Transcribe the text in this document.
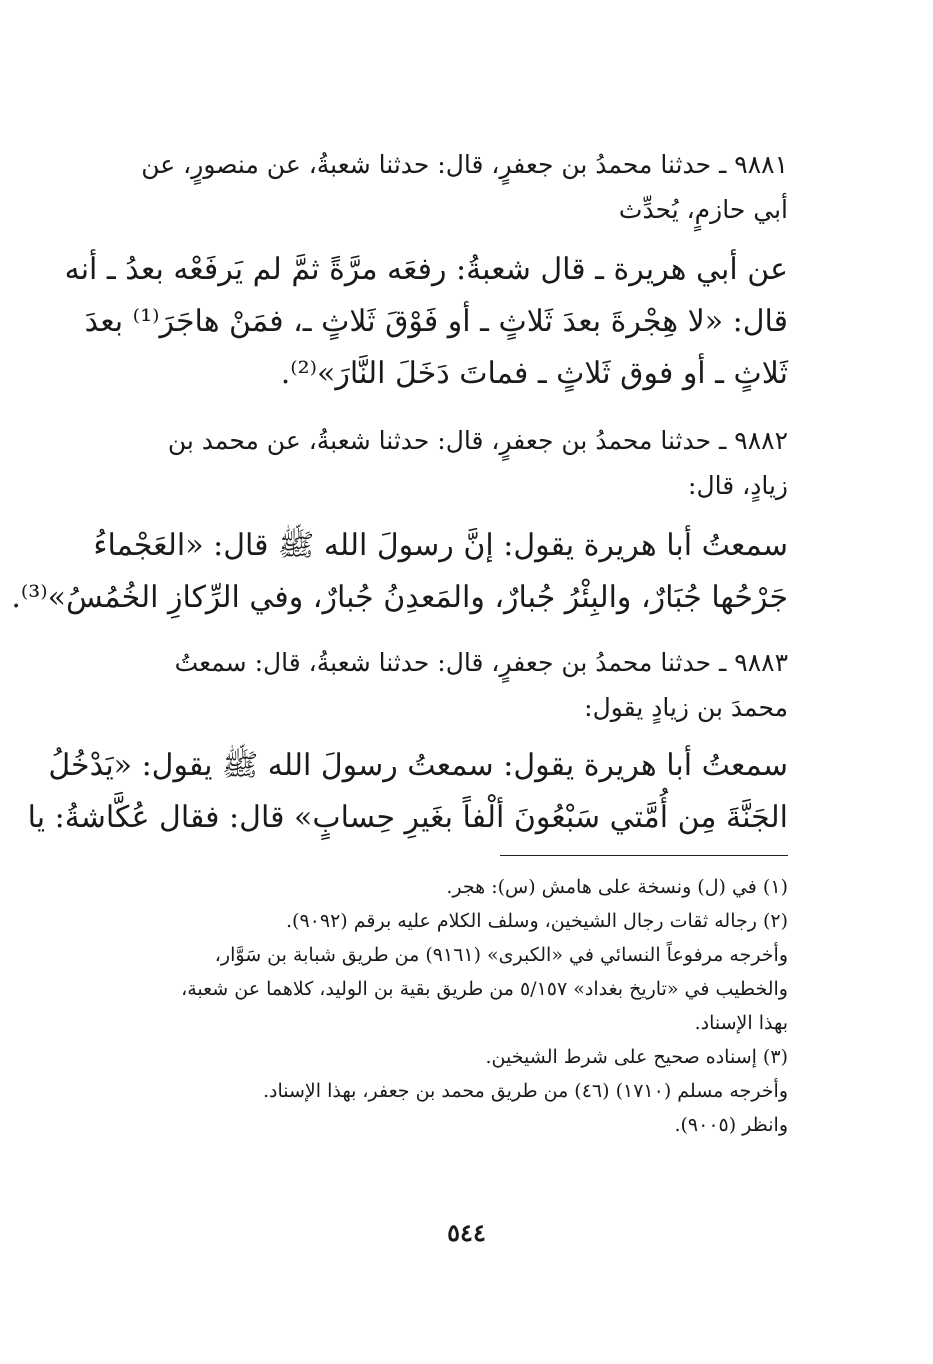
٩٨٨١ ـ حدثنا محمدُ بن جعفرٍ، قال: حدثنا شعبةُ، عن منصورٍ، عن
أبي حازمٍ، يُحدِّث
عن أبي هريرة ـ قال شعبةُ: رفعَه مرَّةً ثمَّ لم يَرفَعْه بعدُ ـ أنه
قال: «لا هِجْرةَ بعدَ ثَلاثٍ ـ أو فَوْقَ ثَلاثٍ ـ، فمَنْ هاجَرَ⁽¹⁾ بعدَ
ثَلاثٍ ـ أو فوق ثَلاثٍ ـ فماتَ دَخَلَ النَّارَ»⁽²⁾.
٩٨٨٢ ـ حدثنا محمدُ بن جعفرٍ، قال: حدثنا شعبةُ، عن محمد بن
زيادٍ، قال:
سمعتُ أبا هريرة يقول: إنَّ رسولَ الله ﷺ قال: «العَجْماءُ
جَرْحُها جُبَارٌ، والبِئْرُ جُبارٌ، والمَعدِنُ جُبارٌ، وفي الرِّكازِ الخُمُسُ»⁽³⁾.
٩٨٨٣ ـ حدثنا محمدُ بن جعفرٍ، قال: حدثنا شعبةُ، قال: سمعتُ
محمدَ بن زيادٍ يقول:
سمعتُ أبا هريرة يقول: سمعتُ رسولَ الله ﷺ يقول: «يَدْخُلُ
الجَنَّةَ مِن أُمَّتي سَبْعُونَ ألْفاً بغَيرِ حِسابٍ» قال: فقال عُكَّاشةُ: يا
(١) في (ل) ونسخة على هامش (س): هجر.
(٢) رجاله ثقات رجال الشيخين، وسلف الكلام عليه برقم (٩٠٩٢).
وأخرجه مرفوعاً النسائي في «الكبرى» (٩١٦١) من طريق شبابة بن سَوَّار،
والخطيب في «تاريخ بغداد» ٥/١٥٧ من طريق بقية بن الوليد، كلاهما عن شعبة،
بهذا الإسناد.
(٣) إسناده صحيح على شرط الشيخين.
وأخرجه مسلم (١٧١٠) (٤٦) من طريق محمد بن جعفر، بهذا الإسناد.
وانظر (٩٠٠٥).
٥٤٤
